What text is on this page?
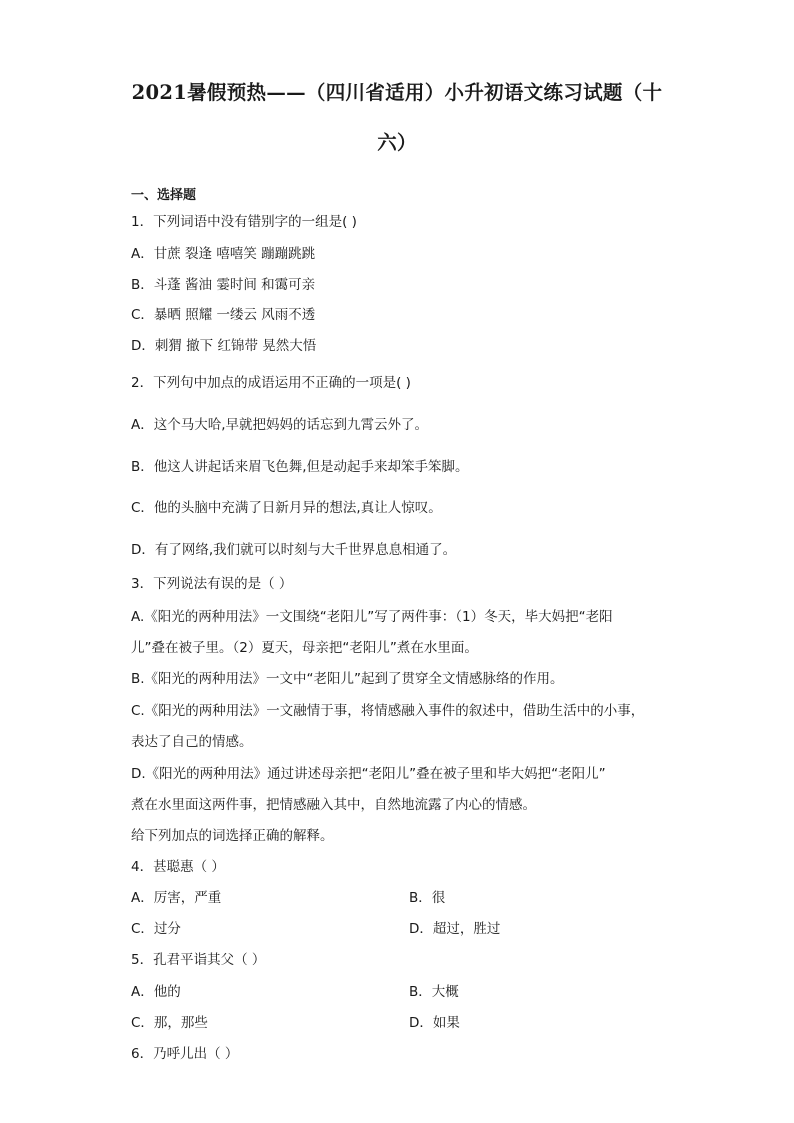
2021暑假预热——（四川省适用）小升初语文练习试题（十
六）
一、选择题
1．下列词语中没有错别字的一组是( )
A．甘蔗 裂逢 嘻嘻笑 蹦蹦跳跳
B．斗蓬 酱油 霎时间 和霭可亲
C．暴晒 照耀 一缕云 风雨不透
D．刺猬 撤下 红锦带 晃然大悟
2．下列句中加点的成语运用不正确的一项是( )
A．这个马大哈,早就把妈妈的话忘到九霄云外了。
B．他这人讲起话来眉飞色舞,但是动起手来却笨手笨脚。
C．他的头脑中充满了日新月异的想法,真让人惊叹。
D．有了网络,我们就可以时刻与大千世界息息相通了。
3．下列说法有误的是（ ）
A.《阳光的两种用法》一文围绕“老阳儿”写了两件事：（1）冬天，毕大妈把“老阳
儿”叠在被子里。（2）夏天，母亲把“老阳儿”煮在水里面。
B.《阳光的两种用法》一文中“老阳儿”起到了贯穿全文情感脉络的作用。
C.《阳光的两种用法》一文融情于事，将情感融入事件的叙述中，借助生活中的小事，
表达了自己的情感。
D.《阳光的两种用法》通过讲述母亲把“老阳儿”叠在被子里和毕大妈把“老阳儿”
煮在水里面这两件事，把情感融入其中，自然地流露了内心的情感。
给下列加点的词选择正确的解释。
4．甚聪惠（ ）
A．厉害，严重	B．很
C．过分	D．超过，胜过
5．孔君平诣其父（ ）
A．他的	B．大概
C．那，那些	D．如果
6．乃呼儿出（ ）
